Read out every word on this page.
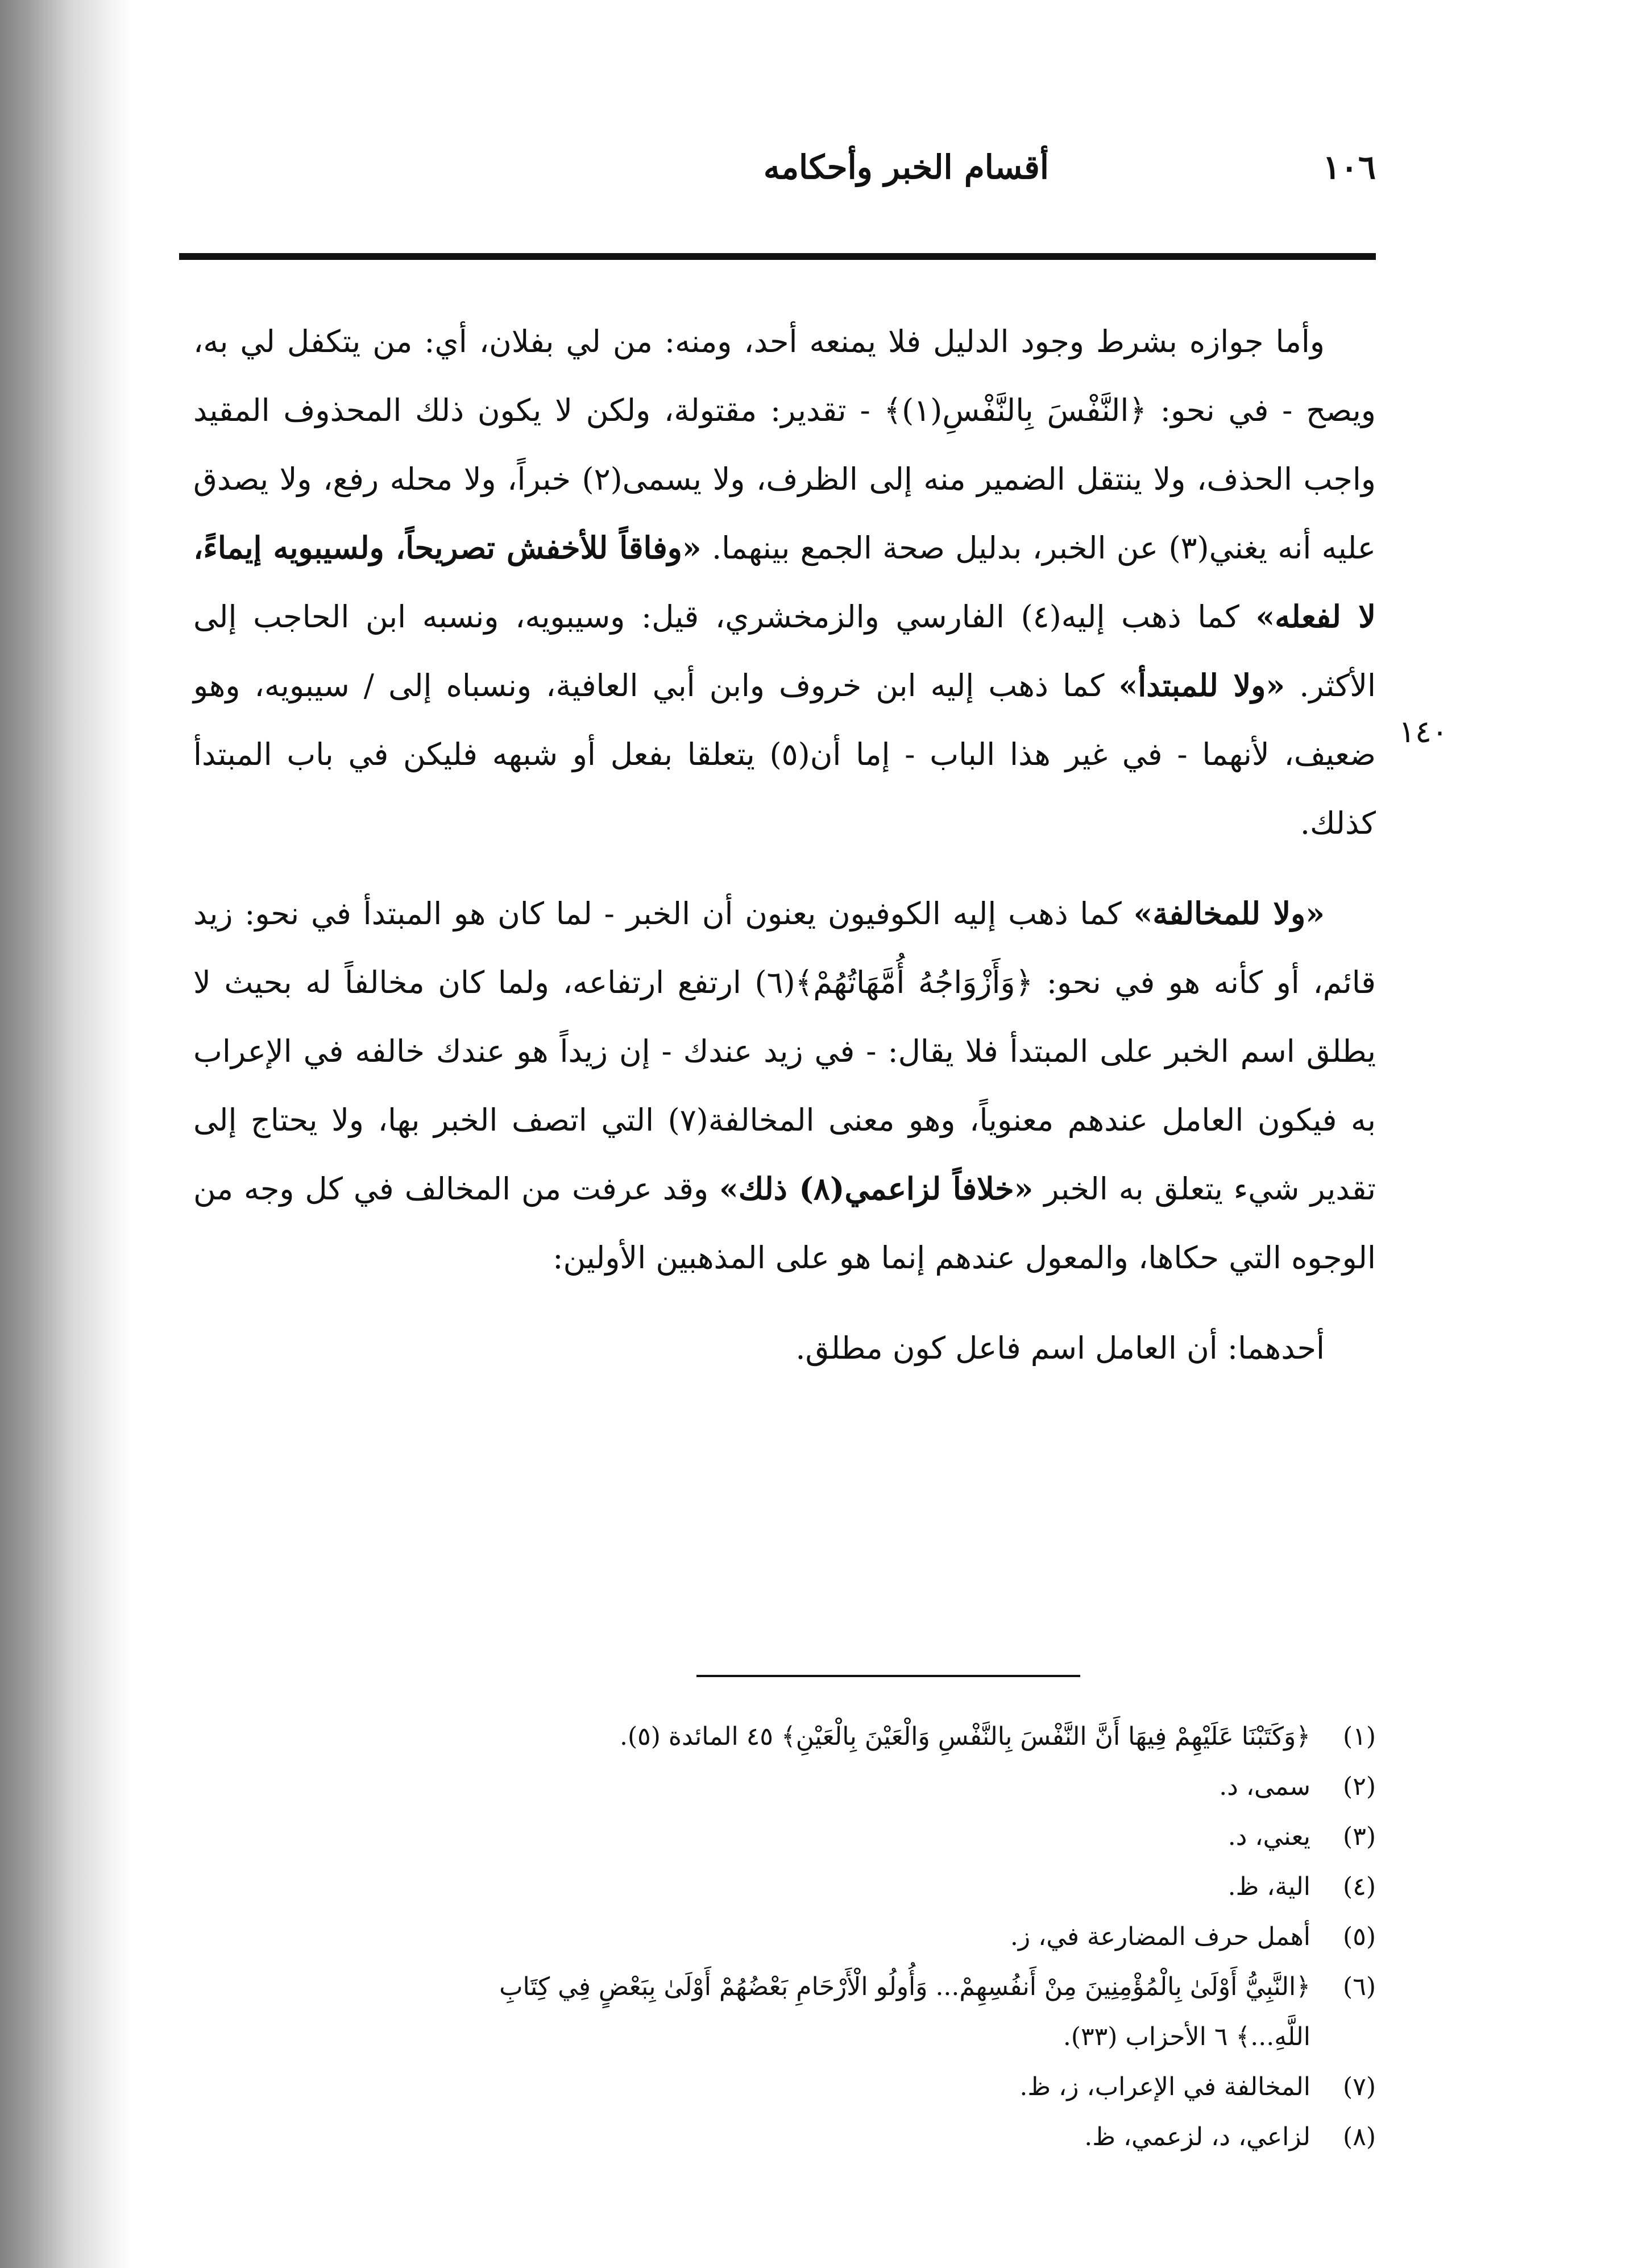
١٠٦
أقسام الخبر وأحكامه

وأما جوازه بشرط وجود الدليل فلا يمنعه أحد، ومنه: من لي بفلان، أي: من يتكفل لي به، ويصح - في نحو: ﴿النَّفْسَ بِالنَّفْسِ(١)﴾ - تقدير: مقتولة، ولكن لا يكون ذلك المحذوف المقيد واجب الحذف، ولا ينتقل الضمير منه إلى الظرف، ولا يسمى(٢) خبراً، ولا محله رفع، ولا يصدق عليه أنه يغني(٣) عن الخبر، بدليل صحة الجمع بينهما. «وفاقاً للأخفش تصريحاً، ولسيبويه إيماءً، لا لفعله» كما ذهب إليه(٤) الفارسي والزمخشري، قيل: وسيبويه، ونسبه ابن الحاجب إلى الأكثر. «ولا للمبتدأ» كما ذهب إليه ابن خروف وابن أبي العافية، ونسباه إلى / سيبويه، وهو ضعيف، لأنهما - في غير هذا الباب - إما أن(٥) يتعلقا بفعل أو شبهه فليكن في باب المبتدأ كذلك.

«ولا للمخالفة» كما ذهب إليه الكوفيون يعنون أن الخبر - لما كان هو المبتدأ في نحو: زيد قائم، أو كأنه هو في نحو: ﴿وَأَزْوَاجُهُ أُمَّهَاتُهُمْ﴾(٦) ارتفع ارتفاعه، ولما كان مخالفاً له بحيث لا يطلق اسم الخبر على المبتدأ فلا يقال: - في زيد عندك - إن زيداً هو عندك خالفه في الإعراب به فيكون العامل عندهم معنوياً، وهو معنى المخالفة(٧) التي اتصف الخبر بها، ولا يحتاج إلى تقدير شيء يتعلق به الخبر «خلافاً لزاعمي(٨) ذلك» وقد عرفت من المخالف في كل وجه من الوجوه التي حكاها، والمعول عندهم إنما هو على المذهبين الأولين:

أحدهما: أن العامل اسم فاعل كون مطلق.

(١)
﴿وَكَتَبْنَا عَلَيْهِمْ فِيهَا أَنَّ النَّفْسَ بِالنَّفْسِ وَالْعَيْنَ بِالْعَيْنِ﴾ ٤٥ المائدة (٥).
(٢)
سمى، د.
(٣)
يعني، د.
(٤)
الية، ظ.
(٥)
أهمل حرف المضارعة في، ز.
(٦)
﴿النَّبِيُّ أَوْلَىٰ بِالْمُؤْمِنِينَ مِنْ أَنفُسِهِمْ... وَأُولُو الْأَرْحَامِ بَعْضُهُمْ أَوْلَىٰ بِبَعْضٍ فِي كِتَابِ

اللَّهِ...﴾ ٦ الأحزاب (٣٣).

(٧)
المخالفة في الإعراب، ز، ظ.
(٨)
لزاعي، د، لزعمي، ظ.
١٤٠
